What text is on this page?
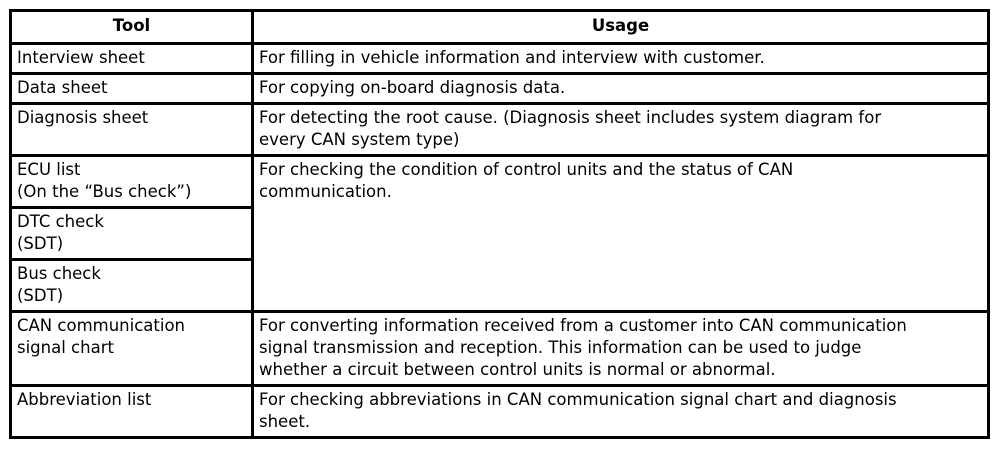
Tool	Usage
Interview sheet	For filling in vehicle information and interview with customer.
Data sheet	For copying on-board diagnosis data.
Diagnosis sheet	For detecting the root cause. (Diagnosis sheet includes system diagram for
every CAN system type)

ECU list
(On the “Bus check”)	For checking the condition of control units and the status of CAN
communication.

DTC check
(SDT)	

Bus check
(SDT)	

CAN communication
signal chart	For converting information received from a customer into CAN communication
signal transmission and reception. This information can be used to judge
whether a circuit between control units is normal or abnormal.

Abbreviation list	For checking abbreviations in CAN communication signal chart and diagnosis
sheet.
